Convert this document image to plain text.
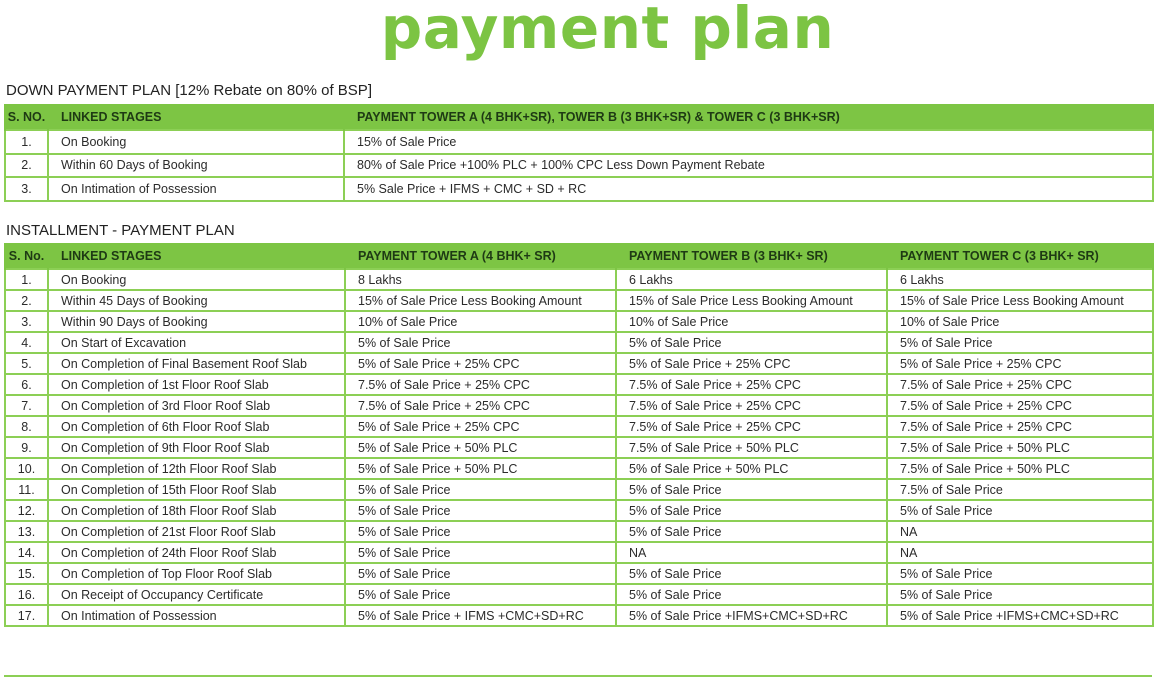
payment plan
DOWN PAYMENT PLAN [12% Rebate on 80% of BSP]
S. NO.	LINKED STAGES	PAYMENT TOWER A (4 BHK+SR), TOWER B (3 BHK+SR) & TOWER C (3 BHK+SR)
1.	On Booking	15% of Sale Price
2.	Within 60 Days of Booking	80% of Sale Price +100% PLC + 100% CPC Less Down Payment Rebate
3.	On Intimation of Possession	5% Sale Price + IFMS + CMC + SD + RC
INSTALLMENT - PAYMENT PLAN
S. No.	LINKED STAGES	PAYMENT TOWER A (4 BHK+ SR)	PAYMENT TOWER B (3 BHK+ SR)	PAYMENT TOWER C (3 BHK+ SR)
1.	On Booking	8 Lakhs	6 Lakhs	6 Lakhs
2.	Within 45 Days of Booking	15% of Sale Price Less Booking Amount	15% of Sale Price Less Booking Amount	15% of Sale Price Less Booking Amount
3.	Within 90 Days of Booking	10% of Sale Price	10% of Sale Price	10% of Sale Price
4.	On Start of Excavation	5% of Sale Price	5% of Sale Price	5% of Sale Price
5.	On Completion of Final Basement Roof Slab	5% of Sale Price + 25% CPC	5% of Sale Price + 25% CPC	5% of Sale Price + 25% CPC
6.	On Completion of 1st Floor Roof Slab	7.5% of Sale Price + 25% CPC	7.5% of Sale Price + 25% CPC	7.5% of Sale Price + 25% CPC
7.	On Completion of 3rd Floor Roof Slab	7.5% of Sale Price + 25% CPC	7.5% of Sale Price + 25% CPC	7.5% of Sale Price + 25% CPC
8.	On Completion of 6th Floor Roof Slab	5% of Sale Price + 25% CPC	7.5% of Sale Price + 25% CPC	7.5% of Sale Price + 25% CPC
9.	On Completion of 9th Floor Roof Slab	5% of Sale Price + 50% PLC	7.5% of Sale Price + 50% PLC	7.5% of Sale Price + 50% PLC
10.	On Completion of 12th Floor Roof Slab	5% of Sale Price + 50% PLC	5% of Sale Price + 50% PLC	7.5% of Sale Price + 50% PLC
11.	On Completion of 15th Floor Roof Slab	5% of Sale Price	5% of Sale Price	7.5% of Sale Price
12.	On Completion of 18th Floor Roof Slab	5% of Sale Price	5% of Sale Price	5% of Sale Price
13.	On Completion of 21st Floor Roof Slab	5% of Sale Price	5% of Sale Price	NA
14.	On Completion of 24th Floor Roof Slab	5% of Sale Price	NA	NA
15.	On Completion of Top Floor Roof Slab	5% of Sale Price	5% of Sale Price	5% of Sale Price
16.	On Receipt of Occupancy Certificate	5% of Sale Price	5% of Sale Price	5% of Sale Price
17.	On Intimation of Possession	5% of Sale Price + IFMS +CMC+SD+RC	5% of Sale Price +IFMS+CMC+SD+RC	5% of Sale Price +IFMS+CMC+SD+RC
